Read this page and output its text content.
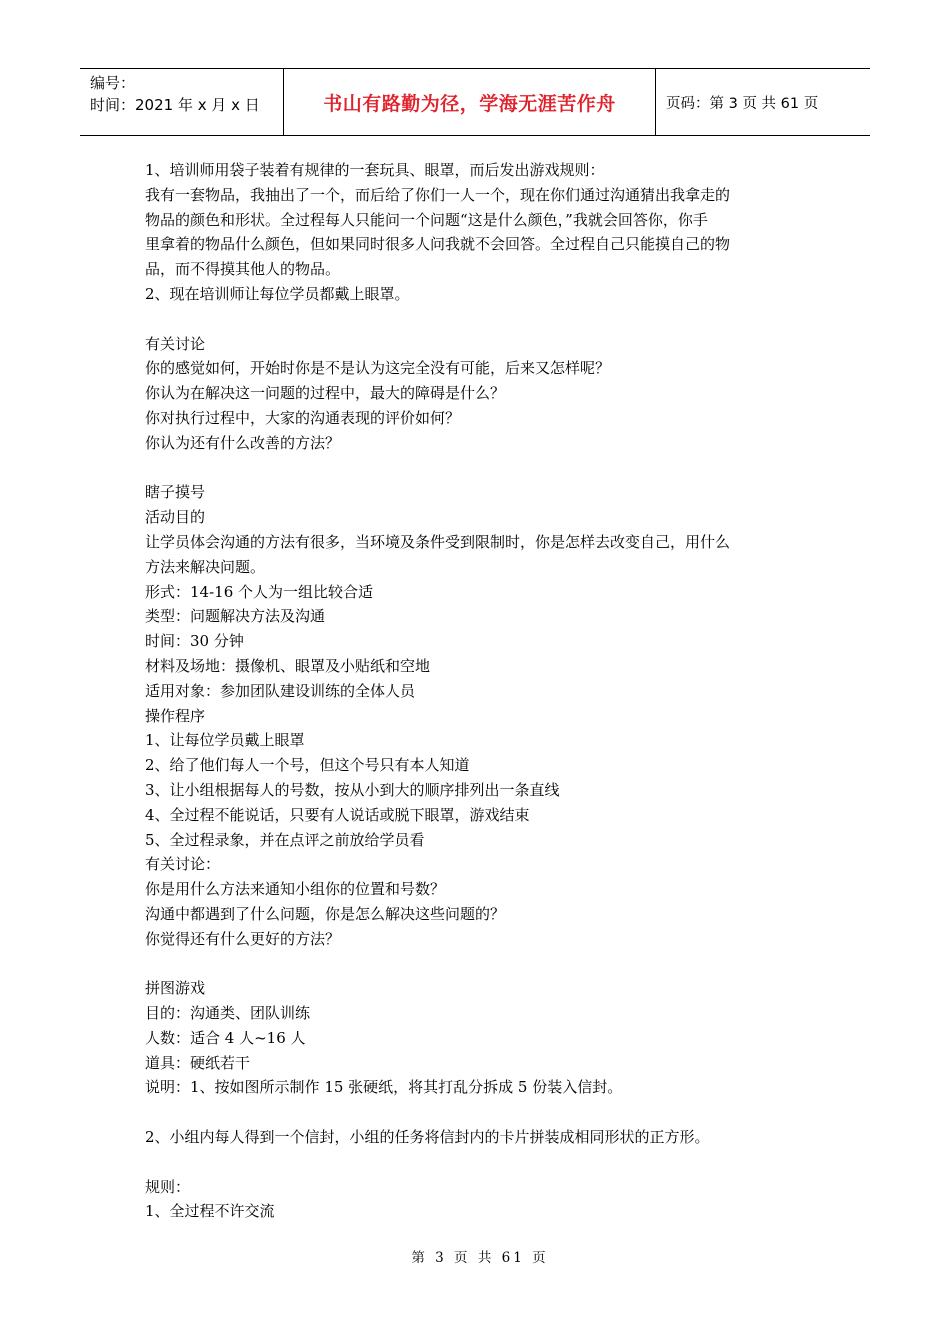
编号：
时间：2021 年 x 月 x 日	书山有路勤为径，学海无涯苦作舟	页码：第 3 页 共 61 页
1、培训师用袋子装着有规律的一套玩具、眼罩，而后发出游戏规则：
我有一套物品，我抽出了一个，而后给了你们一人一个，现在你们通过沟通猜出我拿走的
物品的颜色和形状。全过程每人只能问一个问题“这是什么颜色，”我就会回答你，你手
里拿着的物品什么颜色，但如果同时很多人问我就不会回答。全过程自己只能摸自己的物
品，而不得摸其他人的物品。
2、现在培训师让每位学员都戴上眼罩。
有关讨论
你的感觉如何，开始时你是不是认为这完全没有可能，后来又怎样呢？
你认为在解决这一问题的过程中，最大的障碍是什么？
你对执行过程中，大家的沟通表现的评价如何？
你认为还有什么改善的方法？
瞎子摸号
活动目的
让学员体会沟通的方法有很多，当环境及条件受到限制时，你是怎样去改变自己，用什么
方法来解决问题。
形式：14-16 个人为一组比较合适
类型：问题解决方法及沟通
时间：30 分钟
材料及场地：摄像机、眼罩及小贴纸和空地
适用对象：参加团队建设训练的全体人员
操作程序
1、让每位学员戴上眼罩
2、给了他们每人一个号，但这个号只有本人知道
3、让小组根据每人的号数，按从小到大的顺序排列出一条直线
4、全过程不能说话，只要有人说话或脱下眼罩，游戏结束
5、全过程录象，并在点评之前放给学员看
有关讨论：
你是用什么方法来通知小组你的位置和号数？
沟通中都遇到了什么问题，你是怎么解决这些问题的？
你觉得还有什么更好的方法？
拼图游戏
目的：沟通类、团队训练
人数：适合 4 人~16 人
道具：硬纸若干
说明：1、按如图所示制作 15 张硬纸，将其打乱分拆成 5 份装入信封。
2、小组内每人得到一个信封，小组的任务将信封内的卡片拼装成相同形状的正方形。
规则：
1、全过程不许交流
第 3 页 共 61 页
